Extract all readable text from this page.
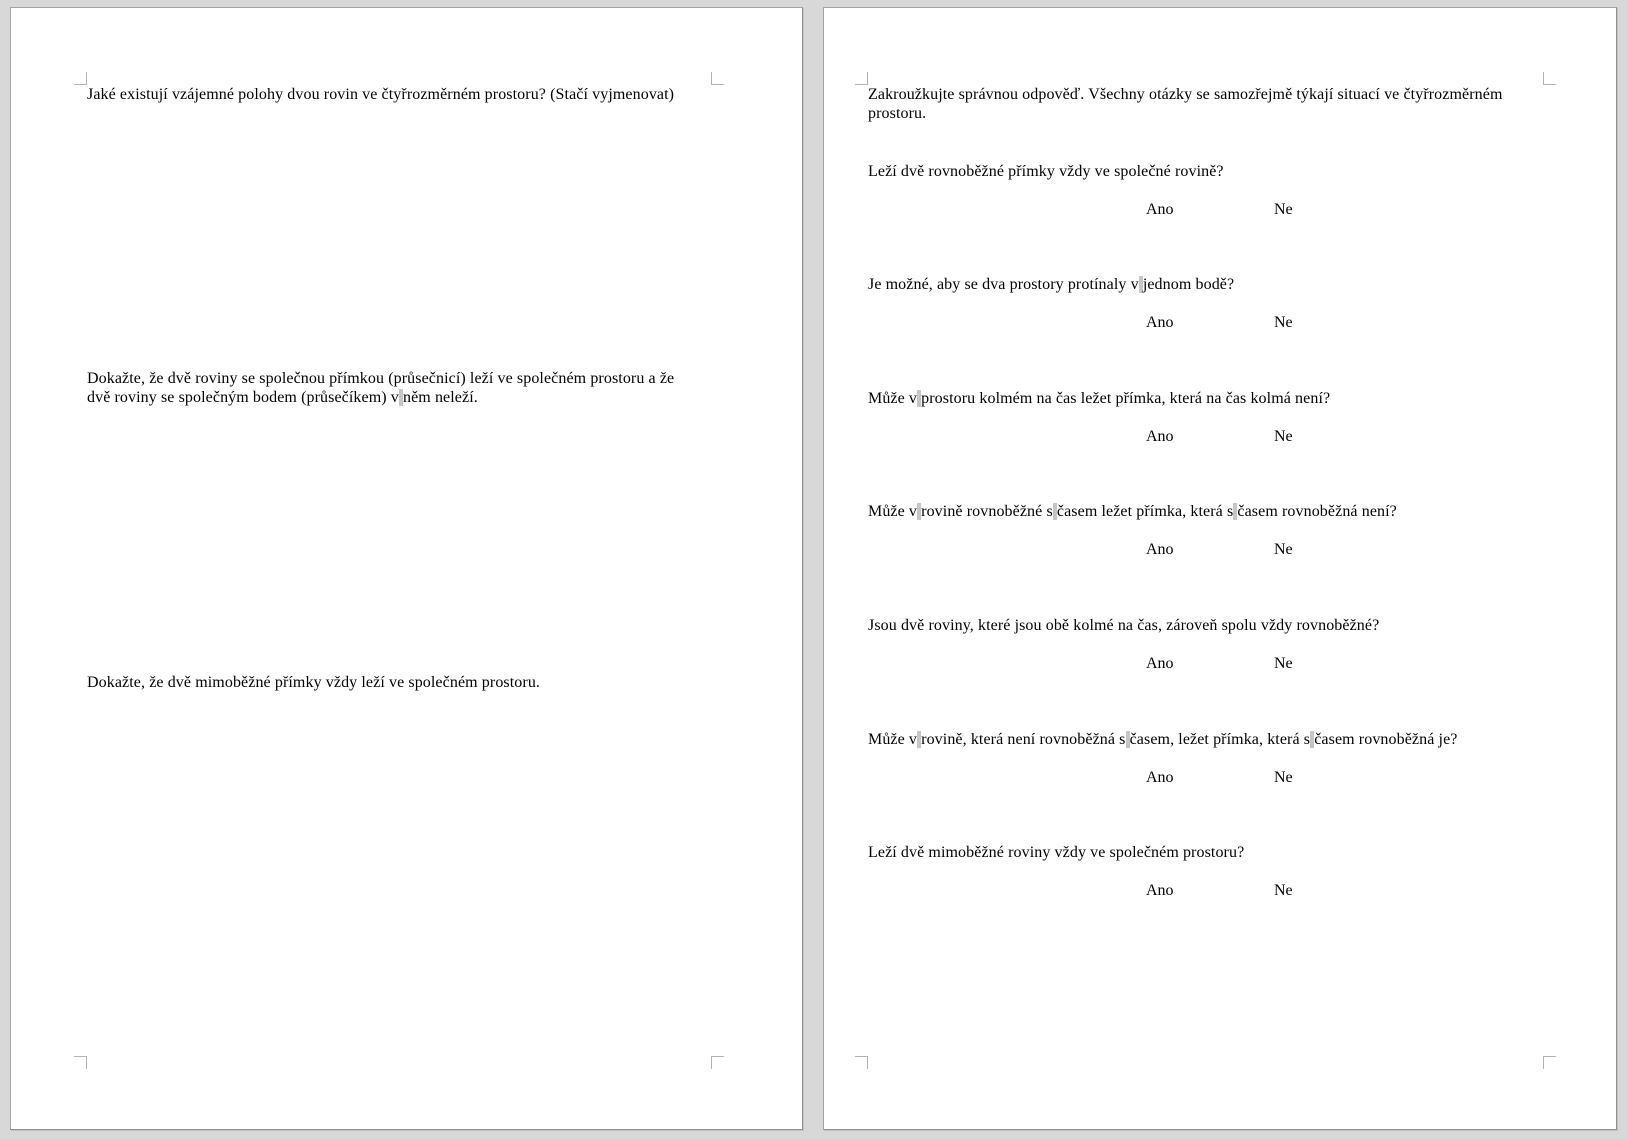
Jaké existují vzájemné polohy dvou rovin ve čtyřrozměrném prostoru? (Stačí vyjmenovat)
Dokažte, že dvě roviny se společnou přímkou (průsečnicí) leží ve společném prostoru a že dvě roviny se společným bodem (průsečíkem) v něm neleží.
Dokažte, že dvě mimoběžné přímky vždy leží ve společném prostoru.
Zakroužkujte správnou odpověď. Všechny otázky se samozřejmě týkají situací ve čtyřrozměrném prostoru.
Leží dvě rovnoběžné přímky vždy ve společné rovině?
Ano	Ne
Je možné, aby se dva prostory protínaly v jednom bodě?
Ano	Ne
Může v prostoru kolmém na čas ležet přímka, která na čas kolmá není?
Ano	Ne
Může v rovině rovnoběžné s časem ležet přímka, která s časem rovnoběžná není?
Ano	Ne
Jsou dvě roviny, které jsou obě kolmé na čas, zároveň spolu vždy rovnoběžné?
Ano	Ne
Může v rovině, která není rovnoběžná s časem, ležet přímka, která s časem rovnoběžná je?
Ano	Ne
Leží dvě mimoběžné roviny vždy ve společném prostoru?
Ano	Ne
